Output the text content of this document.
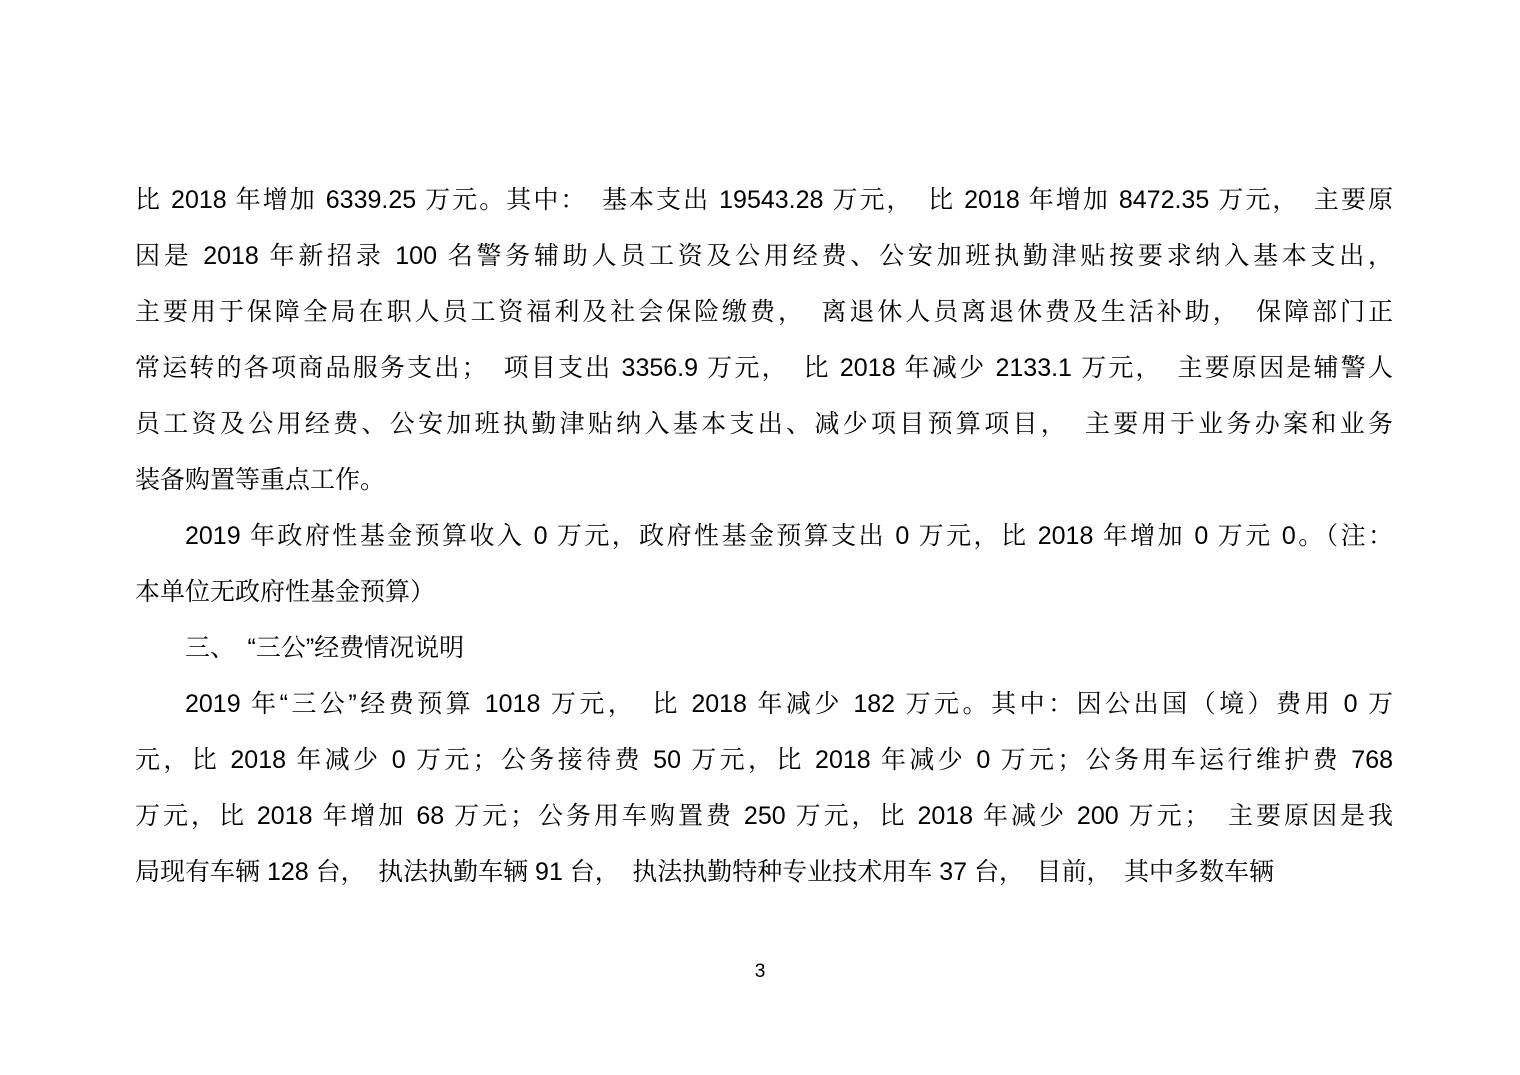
比 2018 年增加 6339.25 万元。其中：　基本支出 19543.28 万元，　比 2018 年增加 8472.35 万元，　主要原
因是 2018 年新招录 100 名警务辅助人员工资及公用经费、公安加班执勤津贴按要求纳入基本支出，
主要用于保障全局在职人员工资福利及社会保险缴费，　离退休人员离退休费及生活补助，　保障部门正
常运转的各项商品服务支出；　项目支出 3356.9 万元，　比 2018 年减少 2133.1 万元，　主要原因是辅警人
员工资及公用经费、公安加班执勤津贴纳入基本支出、减少项目预算项目，　主要用于业务办案和业务
装备购置等重点工作。
2019 年政府性基金预算收入 0 万元，政府性基金预算支出 0 万元，比 2018 年增加 0 万元 0。（注：
本单位无政府性基金预算）
三、　“三公”经费情况说明
2019 年“三公”经费预算 1018 万元，　比 2018 年减少 182 万元。其中：因公出国（境）费用 0 万
元，比 2018 年减少 0 万元；公务接待费 50 万元，比 2018 年减少 0 万元；公务用车运行维护费 768
万元，比 2018 年增加 68 万元；公务用车购置费 250 万元，比 2018 年减少 200 万元；　主要原因是我
局现有车辆 128 台，　执法执勤车辆 91 台，　执法执勤特种专业技术用车 37 台，　目前，　其中多数车辆
3
